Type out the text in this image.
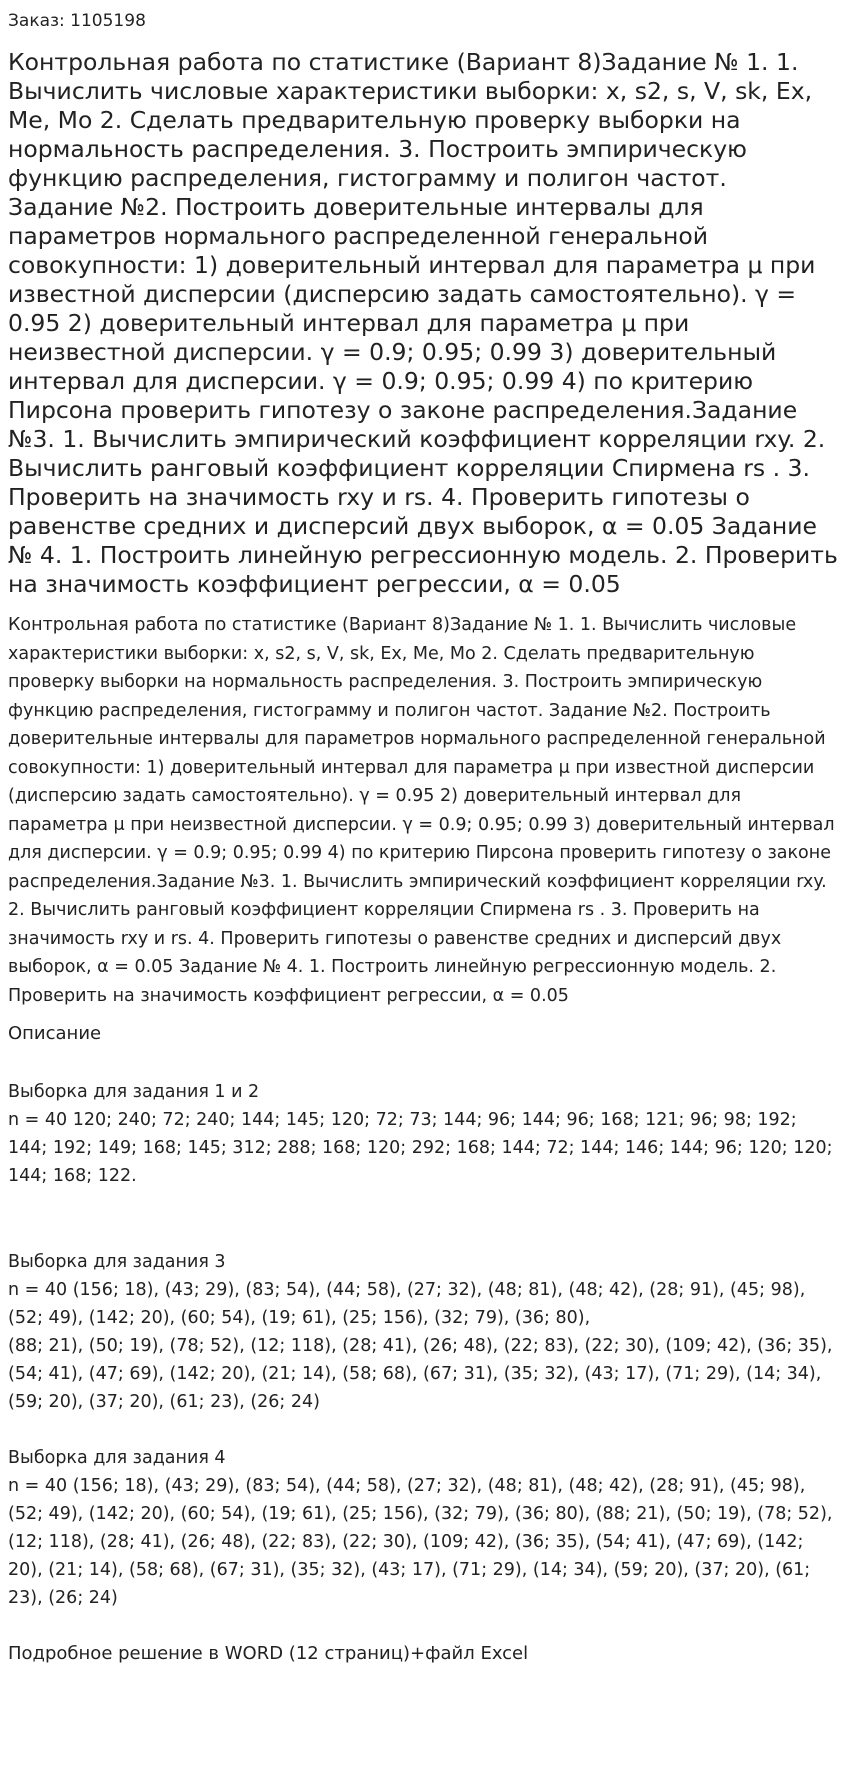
Заказ: 1105198
Контрольная работа по статистике (Вариант 8)Задание № 1. 1. Вычислить числовые характеристики выборки: x, s2, s, V, sk, Ex, Me, Mo 2. Сделать предварительную проверку выборки на нормальность распределения. 3. Построить эмпирическую функцию распределения, гистограмму и полигон частот. Задание №2. Построить доверительные интервалы для параметров нормального распределенной генеральной совокупности: 1) доверительный интервал для параметра μ при известной дисперсии (дисперсию задать самостоятельно). γ = 0.95 2) доверительный интервал для параметра μ при неизвестной дисперсии. γ = 0.9; 0.95; 0.99 3) доверительный интервал для дисперсии. γ = 0.9; 0.95; 0.99 4) по критерию Пирсона проверить гипотезу о законе распределения.Задание №3. 1. Вычислить эмпирический коэффициент корреляции rxy. 2. Вычислить ранговый коэффициент корреляции Спирмена rs . 3. Проверить на значимость rxy и rs. 4. Проверить гипотезы о равенстве средних и дисперсий двух выборок, α = 0.05 Задание № 4. 1. Построить линейную регрессионную модель. 2. Проверить на значимость коэффициент регрессии, α = 0.05
Контрольная работа по статистике (Вариант 8)Задание № 1. 1. Вычислить числовые характеристики выборки: x, s2, s, V, sk, Ex, Me, Mo 2. Сделать предварительную проверку выборки на нормальность распределения. 3. Построить эмпирическую функцию распределения, гистограмму и полигон частот. Задание №2. Построить доверительные интервалы для параметров нормального распределенной генеральной совокупности: 1) доверительный интервал для параметра μ при известной дисперсии (дисперсию задать самостоятельно). γ = 0.95 2) доверительный интервал для параметра μ при неизвестной дисперсии. γ = 0.9; 0.95; 0.99 3) доверительный интервал для дисперсии. γ = 0.9; 0.95; 0.99 4) по критерию Пирсона проверить гипотезу о законе распределения.Задание №3. 1. Вычислить эмпирический коэффициент корреляции rxy. 2. Вычислить ранговый коэффициент корреляции Спирмена rs . 3. Проверить на значимость rxy и rs. 4. Проверить гипотезы о равенстве средних и дисперсий двух выборок, α = 0.05 Задание № 4. 1. Построить линейную регрессионную модель. 2. Проверить на значимость коэффициент регрессии, α = 0.05
Описание
Выборка для задания 1 и 2

n = 40 120; 240; 72; 240; 144; 145; 120; 72; 73; 144; 96; 144; 96; 168; 121; 96; 98; 192; 144; 192; 149; 168; 145; 312; 288; 168; 120; 292; 168; 144; 72; 144; 146; 144; 96; 120; 120; 144; 168; 122.

Выборка для задания 3

n = 40 (156; 18), (43; 29), (83; 54), (44; 58), (27; 32), (48; 81), (48; 42), (28; 91), (45; 98), (52; 49), (142; 20), (60; 54), (19; 61), (25; 156), (32; 79), (36; 80),

(88; 21), (50; 19), (78; 52), (12; 118), (28; 41), (26; 48), (22; 83), (22; 30), (109; 42), (36; 35), (54; 41), (47; 69), (142; 20), (21; 14), (58; 68), (67; 31), (35; 32), (43; 17), (71; 29), (14; 34), (59; 20), (37; 20), (61; 23), (26; 24)

Выборка для задания 4

n = 40 (156; 18), (43; 29), (83; 54), (44; 58), (27; 32), (48; 81), (48; 42), (28; 91), (45; 98), (52; 49), (142; 20), (60; 54), (19; 61), (25; 156), (32; 79), (36; 80), (88; 21), (50; 19), (78; 52), (12; 118), (28; 41), (26; 48), (22; 83), (22; 30), (109; 42), (36; 35), (54; 41), (47; 69), (142; 20), (21; 14), (58; 68), (67; 31), (35; 32), (43; 17), (71; 29), (14; 34), (59; 20), (37; 20), (61; 23), (26; 24)

Подробное решение в WORD (12 страниц)+файл Excel
